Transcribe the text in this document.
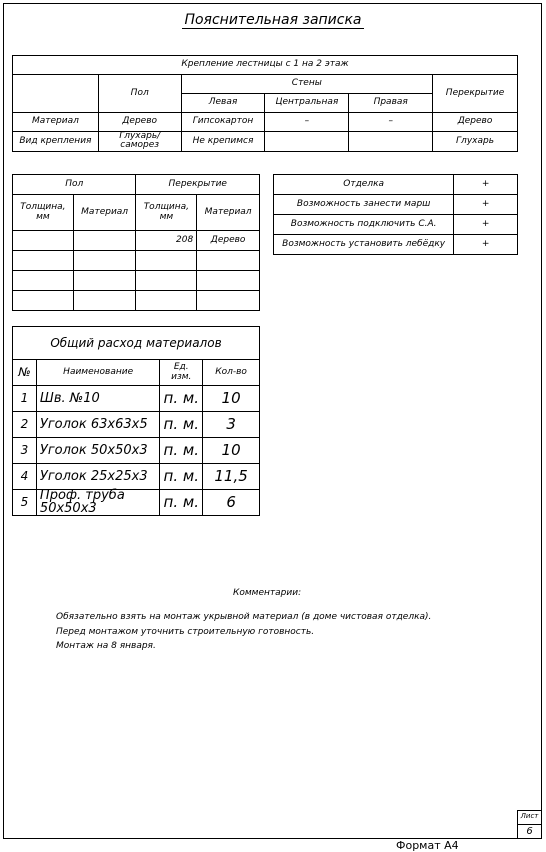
Пояснительная записка
Крепление лестницы с 1 на 2 этаж					
	Пол	Стены			Перекрытие
		Левая	Центральная	Правая	
Материал	Дерево	Гипсокартон	–	–	Дерево
Вид крепления	Глухарь/саморез	Не крепимся			Глухарь
Пол		Перекрытие	
Толщина, мм	Материал	Толщина, мм	Материал
		208	Дерево

Отделка	+
Возможность занести марш	+
Возможность подключить С.А.	+
Возможность установить лебёдку	+
Общий расход материалов			
№	Наименование	Ед. изм.	Кол-во
1	Шв. №10	п. м.	10
2	Уголок 63х63х5	п. м.	3
3	Уголок 50х50х3	п. м.	10
4	Уголок 25х25х3	п. м.	11,5
5	Проф. труба 50х50х3	п. м.	6
Комментарии:
Обязательно взять на монтаж укрывной материал (в доме чистовая отделка).
Перед монтажом уточнить строительную готовность.
Монтаж на 8 января.
Лист
6
Формат А4
